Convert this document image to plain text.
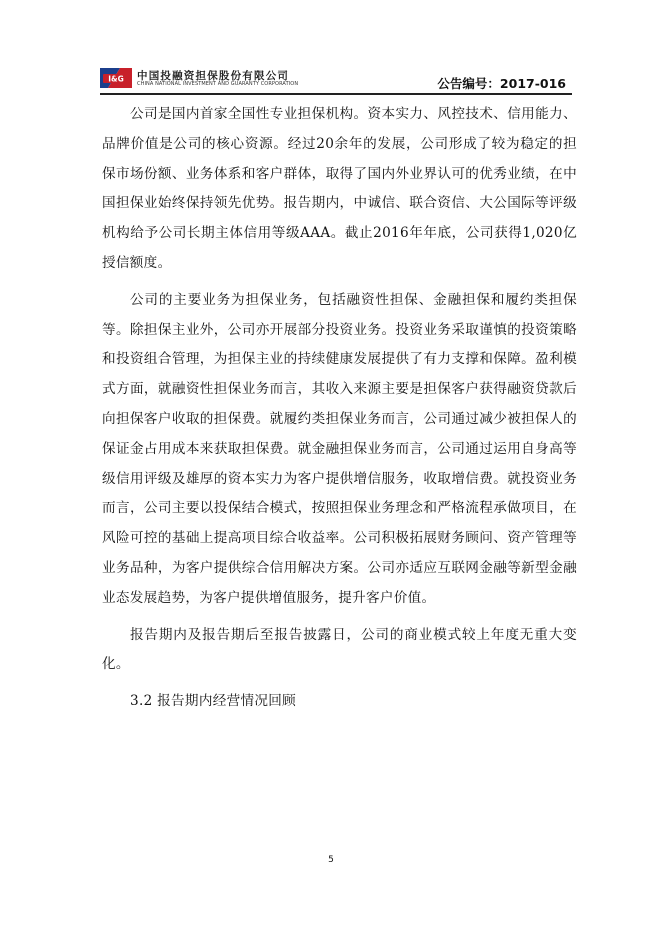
I&G 中国投融资担保股份有限公司
CHINA NATIONAL INVESTMENT AND GUARANTY CORPORATION	公告编号：2017-016

公司是国内首家全国性专业担保机构。资本实力、风控技术、信用能力、品牌价值是公司的核心资源。经过20余年的发展，公司形成了较为稳定的担保市场份额、业务体系和客户群体，取得了国内外业界认可的优秀业绩，在中国担保业始终保持领先优势。报告期内，中诚信、联合资信、大公国际等评级机构给予公司长期主体信用等级AAA。截止2016年年底，公司获得1,020亿授信额度。

公司的主要业务为担保业务，包括融资性担保、金融担保和履约类担保等。除担保主业外，公司亦开展部分投资业务。投资业务采取谨慎的投资策略和投资组合管理，为担保主业的持续健康发展提供了有力支撑和保障。盈利模式方面，就融资性担保业务而言，其收入来源主要是担保客户获得融资贷款后向担保客户收取的担保费。就履约类担保业务而言，公司通过减少被担保人的保证金占用成本来获取担保费。就金融担保业务而言，公司通过运用自身高等级信用评级及雄厚的资本实力为客户提供增信服务，收取增信费。就投资业务而言，公司主要以投保结合模式，按照担保业务理念和严格流程承做项目，在风险可控的基础上提高项目综合收益率。公司积极拓展财务顾问、资产管理等业务品种，为客户提供综合信用解决方案。公司亦适应互联网金融等新型金融业态发展趋势，为客户提供增值服务，提升客户价值。

报告期内及报告期后至报告披露日，公司的商业模式较上年度无重大变化。

3.2 报告期内经营情况回顾

5
